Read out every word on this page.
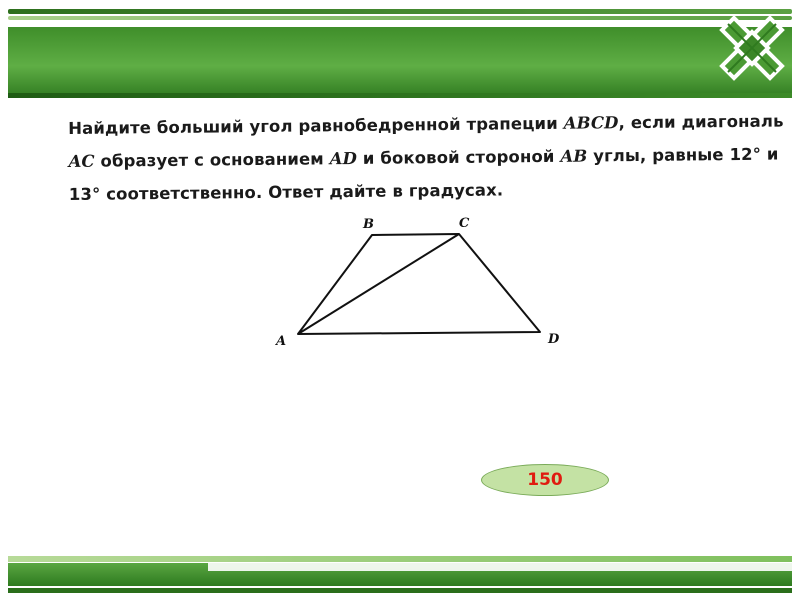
Найдите больший угол равнобедренной трапеции ABCD, если диагональ
AC образует с основанием AD и боковой стороной AB углы, равные 12° и
13° соответственно. Ответ дайте в градусах.
A
B	C
D
150
